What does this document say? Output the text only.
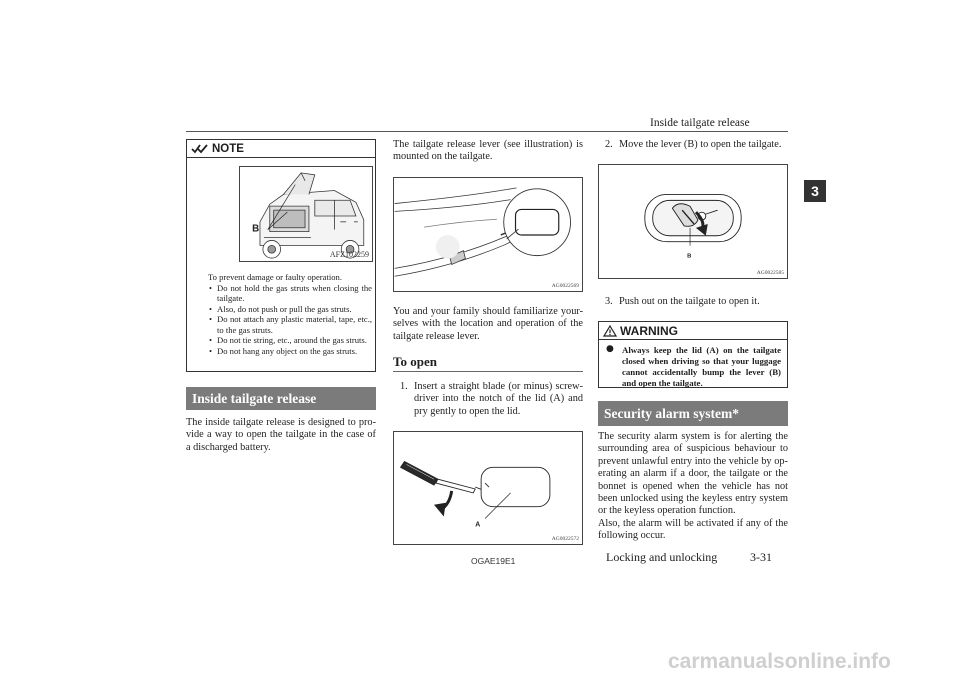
Inside tailgate release
3
NOTE
B
AFZ102259
To prevent damage or faulty operation.
• Do not hold the gas struts when closing the tailgate.
• Also, do not push or pull the gas struts.
• Do not attach any plastic material, tape, etc., to the gas struts.
• Do not tie string, etc., around the gas struts.
• Do not hang any object on the gas struts.
Inside tailgate release
The inside tailgate release is designed to pro-vide a way to open the tailgate in the case of a discharged battery.
The tailgate release lever (see illustration) is mounted on the tailgate.
AG0022569
You and your family should familiarize your-selves with the location and operation of the tailgate release lever.
To open
1. Insert a straight blade (or minus) screw-driver into the notch of the lid (A) and pry gently to open the lid.
A
AG0022572
2. Move the lever (B) to open the tailgate.
B
AG0022585
3. Push out on the tailgate to open it.
WARNING
● Always keep the lid (A) on the tailgate closed when driving so that your luggage cannot accidentally bump the lever (B) and open the tailgate.
Security alarm system*
The security alarm system is for alerting the surrounding area of suspicious behaviour to prevent unlawful entry into the vehicle by op-erating an alarm if a door, the tailgate or the bonnet is opened when the vehicle has not been unlocked using the keyless entry system or the keyless operation function.
Also, the alarm will be activated if any of the following occur.
OGAE19E1	Locking and unlocking	3-31
carmanualsonline.info
